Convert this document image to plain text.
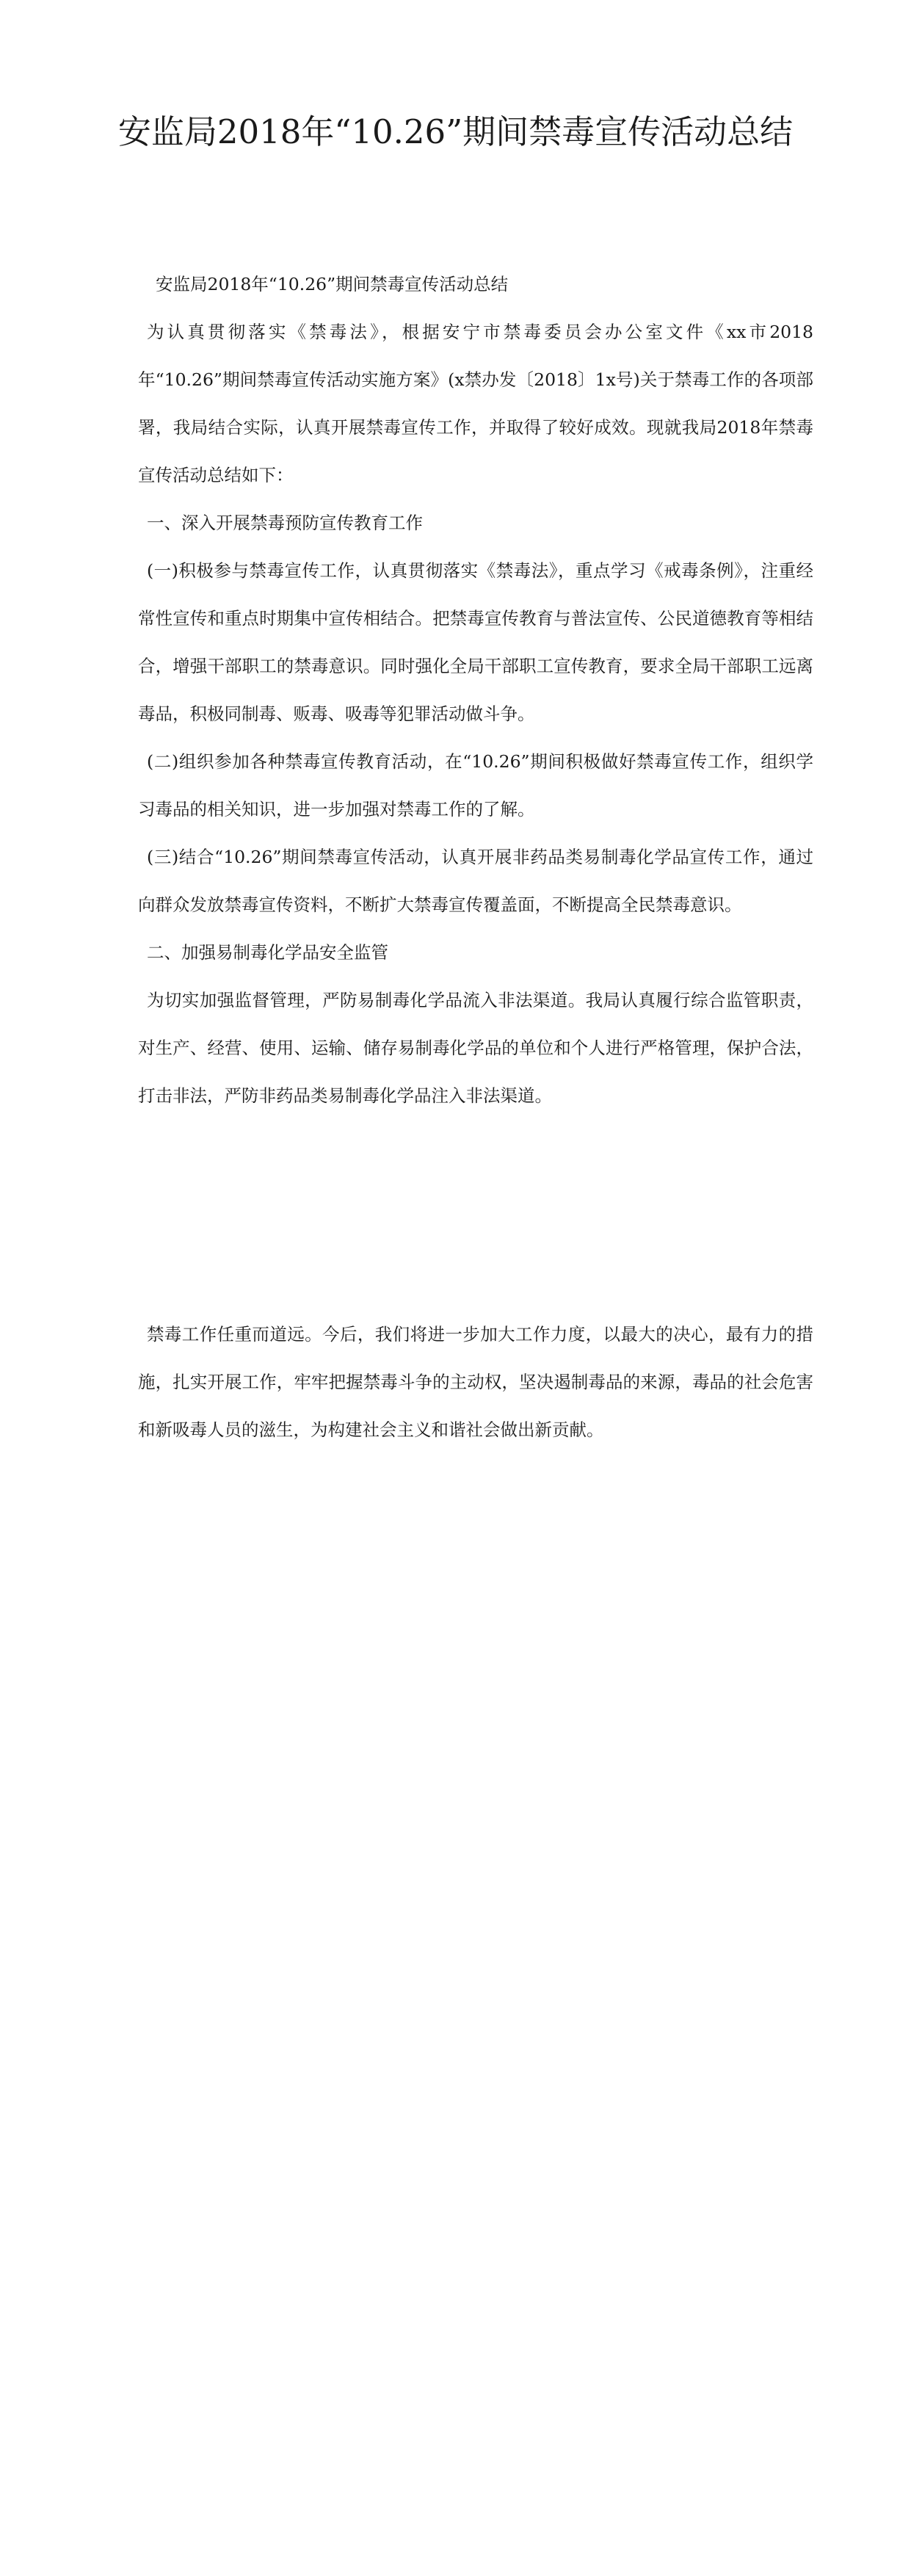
安监局2018年“10.26”期间禁毒宣传活动总结

安监局2018年“10.26”期间禁毒宣传活动总结

为认真贯彻落实《禁毒法》，根据安宁市禁毒委员会办公室文件《xx市2018年“10.26”期间禁毒宣传活动实施方案》(x禁办发〔2018〕1x号)关于禁毒工作的各项部署，我局结合实际，认真开展禁毒宣传工作，并取得了较好成效。现就我局2018年禁毒宣传活动总结如下：

一、深入开展禁毒预防宣传教育工作

(一)积极参与禁毒宣传工作，认真贯彻落实《禁毒法》，重点学习《戒毒条例》，注重经常性宣传和重点时期集中宣传相结合。把禁毒宣传教育与普法宣传、公民道德教育等相结合，增强干部职工的禁毒意识。同时强化全局干部职工宣传教育，要求全局干部职工远离毒品，积极同制毒、贩毒、吸毒等犯罪活动做斗争。

(二)组织参加各种禁毒宣传教育活动，在“10.26”期间积极做好禁毒宣传工作，组织学习毒品的相关知识，进一步加强对禁毒工作的了解。

(三)结合“10.26”期间禁毒宣传活动，认真开展非药品类易制毒化学品宣传工作，通过向群众发放禁毒宣传资料，不断扩大禁毒宣传覆盖面，不断提高全民禁毒意识。

二、加强易制毒化学品安全监管

为切实加强监督管理，严防易制毒化学品流入非法渠道。我局认真履行综合监管职责，对生产、经营、使用、运输、储存易制毒化学品的单位和个人进行严格管理，保护合法，打击非法，严防非药品类易制毒化学品注入非法渠道。

禁毒工作任重而道远。今后，我们将进一步加大工作力度，以最大的决心，最有力的措施，扎实开展工作，牢牢把握禁毒斗争的主动权，坚决遏制毒品的来源，毒品的社会危害和新吸毒人员的滋生，为构建社会主义和谐社会做出新贡献。
